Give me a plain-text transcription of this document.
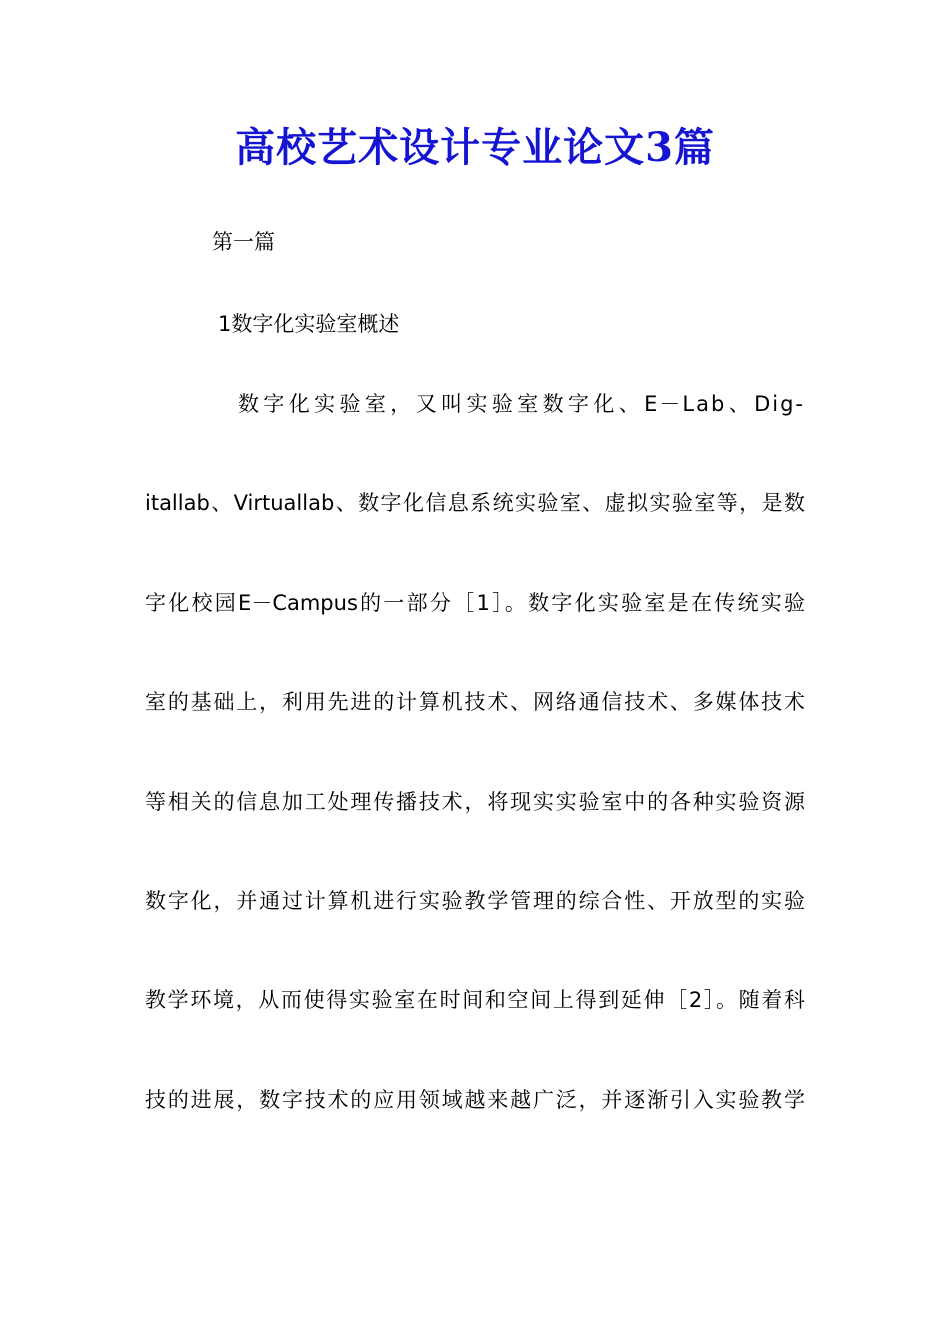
高校艺术设计专业论文3篇
第一篇
1数字化实验室概述
数字化实验室，又叫实验室数字化、E－Lab、Dig-
itallab、Virtuallab、数字化信息系统实验室、虚拟实验室等，是数
字化校园E－Campus的一部分［1］。数字化实验室是在传统实验
室的基础上，利用先进的计算机技术、网络通信技术、多媒体技术
等相关的信息加工处理传播技术，将现实实验室中的各种实验资源
数字化，并通过计算机进行实验教学管理的综合性、开放型的实验
教学环境，从而使得实验室在时间和空间上得到延伸［2］。随着科
技的进展，数字技术的应用领域越来越广泛，并逐渐引入实验教学
